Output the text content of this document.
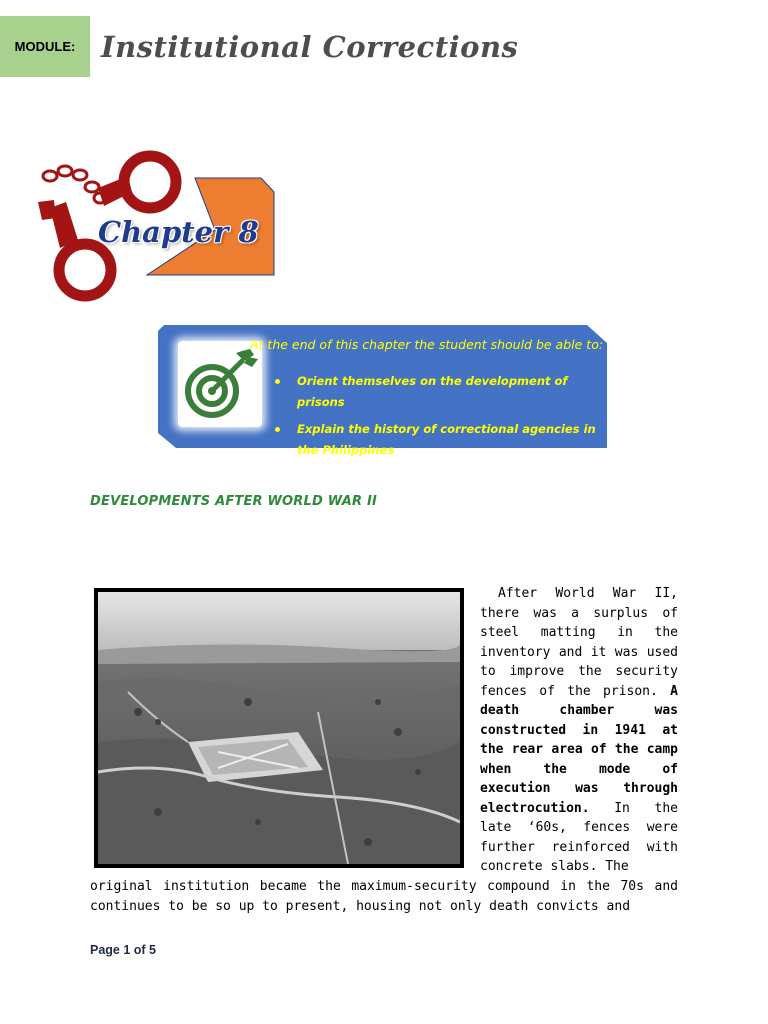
MODULE: Institutional Corrections
Chapter 8
At the end of this chapter the student should be able to:
Orient themselves on the development of prisons
Explain the history of correctional agencies in the Philippines
DEVELOPMENTS AFTER WORLD WAR II
After World War II, there was a surplus of steel matting in the inventory and it was used to improve the security fences of the prison. A death chamber was constructed in 1941 at the rear area of the camp when the mode of execution was through electrocution. In the late ‘60s, fences were further reinforced with concrete slabs. The
original institution became the maximum-security compound in the 70s and continues to be so up to present, housing not only death convicts and
Page 1 of 5
